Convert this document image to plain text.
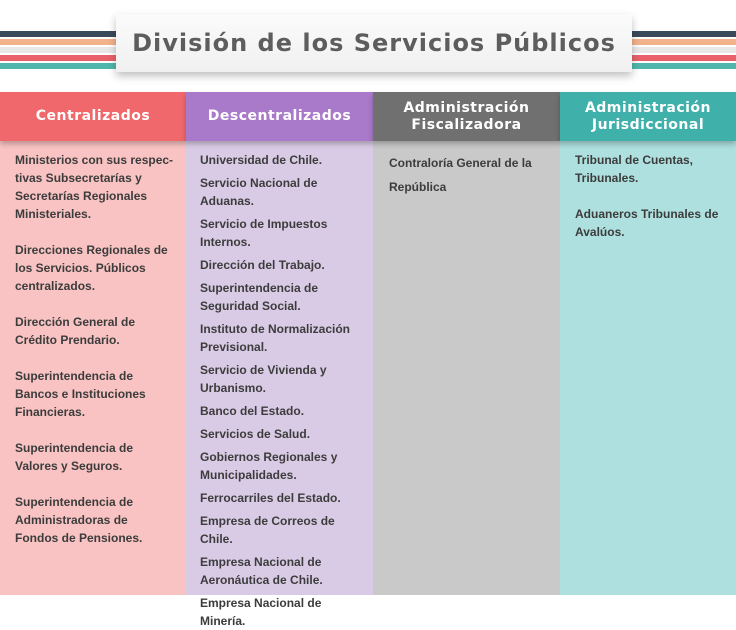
División de los Servicios Públicos
Centralizados
Ministerios con sus respec-tivas Subsecretarías y Secretarías Regionales Ministeriales.
Direcciones Regionales de los Servicios. Públicos centralizados.
Dirección General de Crédito Prendario.
Superintendencia de Bancos e Instituciones Financieras.
Superintendencia de Valores y Seguros.
Superintendencia de Administradoras de Fondos de Pensiones.
Descentralizados
Universidad de Chile.
Servicio Nacional de Aduanas.
Servicio de Impuestos Internos.
Dirección del Trabajo.
Superintendencia de Seguridad Social.
Instituto de Normalización Previsional.
Servicio de Vivienda y Urbanismo.
Banco del Estado.
Servicios de Salud.
Gobiernos Regionales y Municipalidades.
Ferrocarriles del Estado.
Empresa de Correos de Chile.
Empresa Nacional de Aeronáutica de Chile.
Empresa Nacional de Minería.
Administración
Fiscalizadora
Contraloría General de la República
Administración
Jurisdiccional
Tribunal de Cuentas, Tribunales.
Aduaneros Tribunales de Avalúos.
